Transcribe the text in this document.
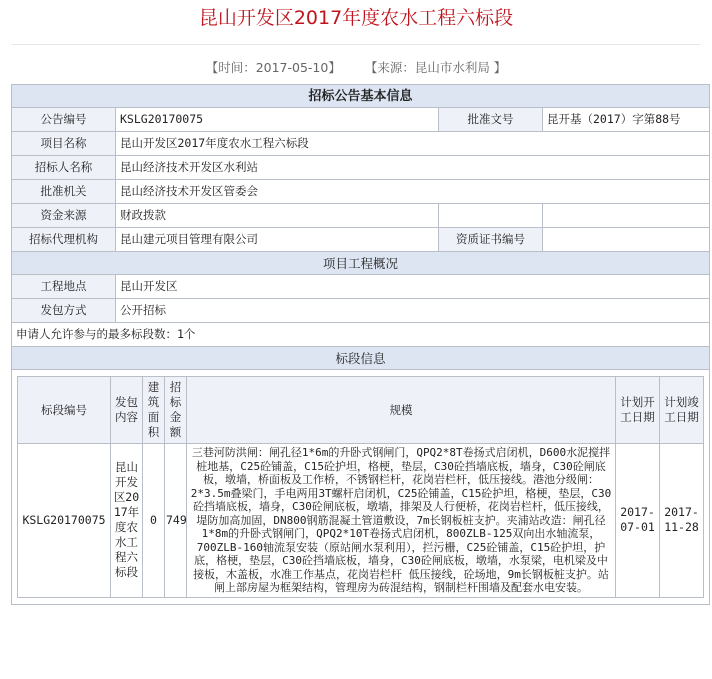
昆山开发区2017年度农水工程六标段
【时间：2017-05-10】 【来源：昆山市水利局 】
招标公告基本信息
公告编号	KSLG20170075	批准文号	昆开基（2017）字第88号
项目名称	昆山开发区2017年度农水工程六标段
招标人名称	昆山经济技术开发区水利站
批准机关	昆山经济技术开发区管委会
资金来源	财政拨款		
招标代理机构	昆山建元项目管理有限公司	资质证书编号	
项目工程概况
工程地点	昆山开发区
发包方式	公开招标
申请人允许参与的最多标段数：1个
标段信息

标段编号	发包内容	建筑面积	招标金额	规模	计划开工日期	计划竣工日期
KSLG20170075	昆山开发区2017年度农水工程六标段	0	749	三巷河防洪闸：闸孔径1*6m的升卧式钢闸门，QPQ2*8T卷扬式启闭机，D600水泥搅拌桩地基，C25砼铺盖，C15砼护坦，格梗，垫层，C30砼挡墙底板，墙身，C30砼闸底板，墩墙，桥面板及工作桥，不锈钢栏杆，花岗岩栏杆，低压接线。港池分级闸：2*3.5m叠梁门，手电两用3T螺杆启闭机，C25砼铺盖，C15砼护坦，格梗，垫层，C30砼挡墙底板，墙身，C30砼闸底板，墩墙，排架及人行便桥，花岗岩栏杆，低压接线，堤防加高加固，DN800钢筋混凝土管道敷设，7m长钢板桩支护。夹浦站改造：闸孔径1*8m的升卧式钢闸门，QPQ2*10T卷扬式启闭机，800ZLB-125双向出水轴流泵，700ZLB-160轴流泵安装（原站闸水泵利用），拦污栅，C25砼铺盖，C15砼护坦，护底，格梗，垫层，C30砼挡墙底板，墙身，C30砼闸底板，墩墙，水泵梁，电机梁及中接板，木盖板，水准工作基点，花岗岩栏杆 低压接线，砼场地，9m长钢板桩支护。站闸上部房屋为框架结构，管理房为砖混结构，钢制栏杆围墙及配套水电安装。	2017-07-01	2017-11-28
